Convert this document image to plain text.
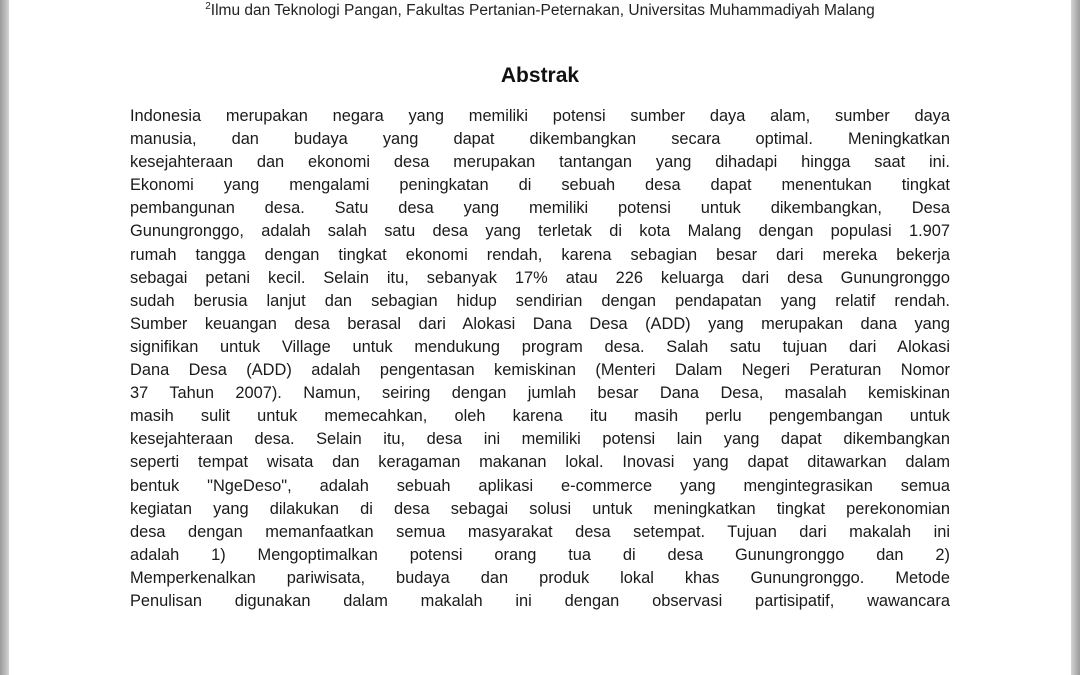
$^2$Ilmu dan Teknologi Pangan, Fakultas Pertanian-Peternakan, Universitas Muhammadiyah Malang
Abstrak
Indonesia merupakan negara yang memiliki potensi sumber daya alam, sumber daya
manusia, dan budaya yang dapat dikembangkan secara optimal. Meningkatkan
kesejahteraan dan ekonomi desa merupakan tantangan yang dihadapi hingga saat ini.
Ekonomi yang mengalami peningkatan di sebuah desa dapat menentukan tingkat
pembangunan desa. Satu desa yang memiliki potensi untuk dikembangkan, Desa
Gunungronggo, adalah salah satu desa yang terletak di kota Malang dengan populasi 1.907
rumah tangga dengan tingkat ekonomi rendah, karena sebagian besar dari mereka bekerja
sebagai petani kecil. Selain itu, sebanyak 17% atau 226 keluarga dari desa Gunungronggo
sudah berusia lanjut dan sebagian hidup sendirian dengan pendapatan yang relatif rendah.
Sumber keuangan desa berasal dari Alokasi Dana Desa (ADD) yang merupakan dana yang
signifikan untuk Village untuk mendukung program desa. Salah satu tujuan dari Alokasi
Dana Desa (ADD) adalah pengentasan kemiskinan (Menteri Dalam Negeri Peraturan Nomor
37 Tahun 2007). Namun, seiring dengan jumlah besar Dana Desa, masalah kemiskinan
masih sulit untuk memecahkan, oleh karena itu masih perlu pengembangan untuk
kesejahteraan desa. Selain itu, desa ini memiliki potensi lain yang dapat dikembangkan
seperti tempat wisata dan keragaman makanan lokal. Inovasi yang dapat ditawarkan dalam
bentuk "NgeDeso", adalah sebuah aplikasi e-commerce yang mengintegrasikan semua
kegiatan yang dilakukan di desa sebagai solusi untuk meningkatkan tingkat perekonomian
desa dengan memanfaatkan semua masyarakat desa setempat. Tujuan dari makalah ini
adalah 1) Mengoptimalkan potensi orang tua di desa Gunungronggo dan 2)
Memperkenalkan pariwisata, budaya dan produk lokal khas Gunungronggo. Metode
Penulisan digunakan dalam makalah ini dengan observasi partisipatif, wawancara
